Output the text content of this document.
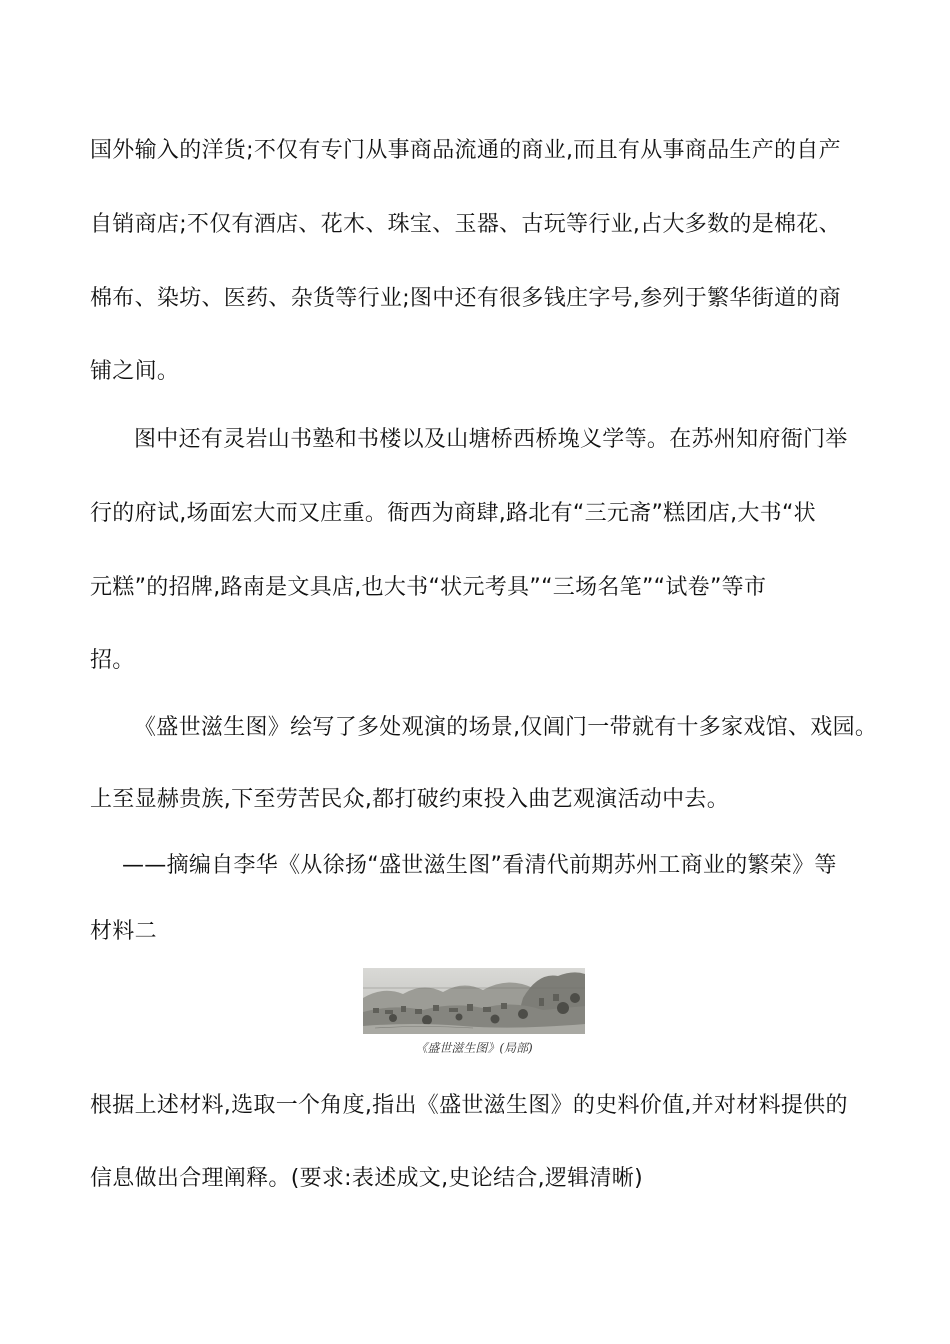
国外输入的洋货;不仅有专门从事商品流通的商业,而且有从事商品生产的自产
自销商店;不仅有酒店、花木、珠宝、玉器、古玩等行业,占大多数的是棉花、
棉布、染坊、医药、杂货等行业;图中还有很多钱庄字号,参列于繁华街道的商
铺之间。
图中还有灵岩山书塾和书楼以及山塘桥西桥堍义学等。在苏州知府衙门举
行的府试,场面宏大而又庄重。衙西为商肆,路北有“三元斋”糕团店,大书“状
元糕”的招牌,路南是文具店,也大书“状元考具”“三场名笔”“试卷”等市
招。
《盛世滋生图》绘写了多处观演的场景,仅阊门一带就有十多家戏馆、戏园。
上至显赫贵族,下至劳苦民众,都打破约束投入曲艺观演活动中去。
——摘编自李华《从徐扬“盛世滋生图”看清代前期苏州工商业的繁荣》等
材料二
《盛世滋生图》(局部)
根据上述材料,选取一个角度,指出《盛世滋生图》的史料价值,并对材料提供的
信息做出合理阐释。(要求:表述成文,史论结合,逻辑清晰)
